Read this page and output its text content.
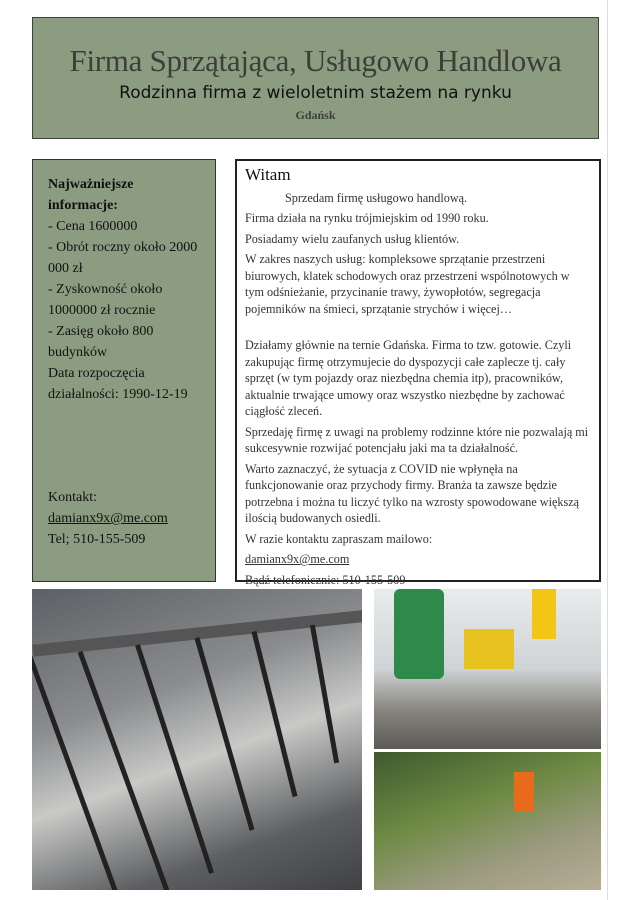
Firma Sprzątająca, Usługowo Handlowa
Rodzinna firma z wieloletnim stażem na rynku
Gdańsk
Najważniejsze informacje:
- Cena 1600000
- Obrót roczny około 2000 000 zł
- Zyskowność około 1000000 zł rocznie
- Zasięg około 800 budynków
Data rozpoczęcia działalności: 1990-12-19
Kontakt:
damianx9x@me.com
Tel; 510-155-509
Witam

Sprzedam firmę usługowo handlową.

Firma działa na rynku trójmiejskim od 1990 roku.

Posiadamy wielu zaufanych usług klientów.

W zakres naszych usług: kompleksowe sprzątanie przestrzeni biurowych, klatek schodowych oraz przestrzeni wspólnotowych w tym odśnieżanie, przycinanie trawy, żywopłotów, segregacja pojemników na śmieci, sprzątanie strychów i więcej…

Działamy głównie na ternie Gdańska. Firma to tzw. gotowie. Czyli zakupując firmę otrzymujecie do dyspozycji całe zaplecze tj. cały sprzęt (w tym pojazdy oraz niezbędna chemia itp), pracowników, aktualnie trwające umowy oraz wszystko niezbędne by zachować ciągłość zleceń.

Sprzedaję firmę z uwagi na problemy rodzinne które nie pozwalają mi sukcesywnie rozwijać potencjału jaki ma ta działalność.

Warto zaznaczyć, że sytuacja z COVID nie wpłynęła na funkcjonowanie oraz przychody firmy. Branża ta zawsze będzie potrzebna i można tu liczyć tylko na wzrosty spowodowane większą ilością budowanych osiedli.

W razie kontaktu zapraszam mailowo:

damianx9x@me.com

Bądź telefonicznie: 510-155-509
